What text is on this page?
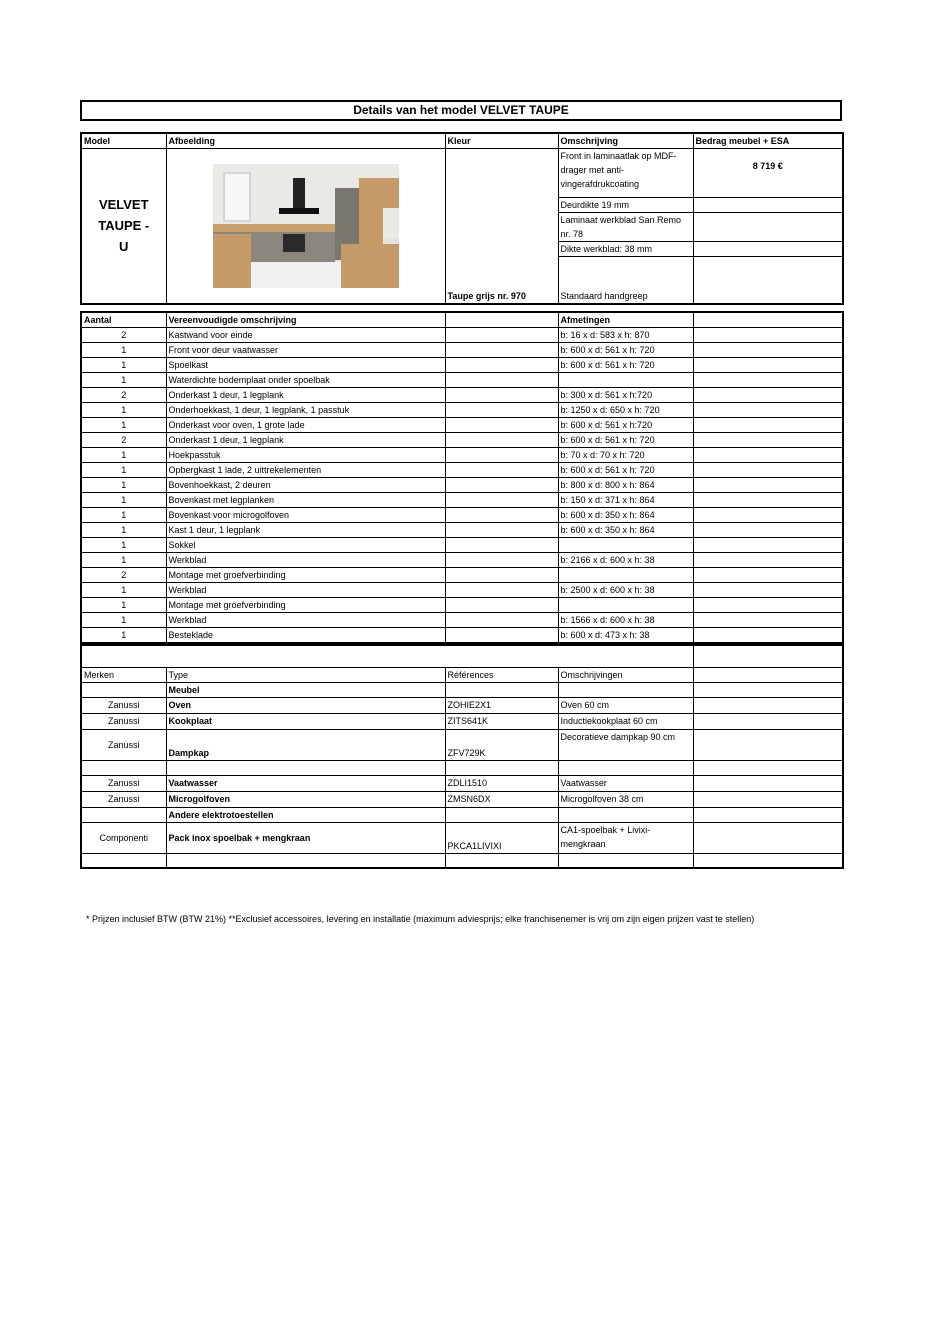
Details van het model VELVET TAUPE
Model	Afbeelding	Kleur	Omschrijving	Bedrag meubel + ESA

VELVET TAUPE - U		Taupe grijs nr. 970	Front in laminaatlak op MDF-drager met anti-vingerafdrukcoating	8 719 €
			Deurdikte 19 mm	
			Laminaat werkblad San Remo nr. 78	
			Dikte werkblad: 38 mm	
			Standaard handgreep	
Aantal	Vereenvoudigde omschrijving		Afmetingen	
2	Kastwand voor einde		b: 16 x d: 583 x h: 870	
1	Front voor deur vaatwasser		b: 600 x d: 561 x h: 720	
1	Spoelkast		b: 600 x d: 561 x h: 720	
1	Waterdichte bodemplaat onder spoelbak			
2	Onderkast 1 deur, 1 legplank		b: 300 x d: 561 x h:720	
1	Onderhoekkast, 1 deur, 1 legplank, 1 passtuk		b: 1250 x d: 650 x h: 720	
1	Onderkast voor oven, 1 grote lade		b: 600 x d: 561 x h:720	
2	Onderkast 1 deur, 1 legplank		b: 600 x d: 561 x h: 720	
1	Hoekpasstuk		b: 70 x d: 70 x h: 720	
1	Opbergkast 1 lade, 2 uittrekelementen		b: 600 x d: 561 x h: 720	
1	Bovenhoekkast, 2 deuren		b: 800 x d: 800 x h: 864	
1	Bovenkast met legplanken		b: 150 x d: 371 x h: 864	
1	Bovenkast voor microgolfoven		b: 600 x d: 350 x h: 864	
1	Kast 1 deur, 1 legplank		b: 600 x d: 350 x h: 864	
1	Sokkel			
1	Werkblad		b: 2166 x d: 600 x h: 38	
2	Montage met groefverbinding			
1	Werkblad		b: 2500 x d: 600 x h: 38	
1	Montage met groefverbinding			
1	Werkblad		b: 1566 x d: 600 x h: 38	
1	Besteklade		b: 600 x d: 473 x h: 38	

Merken	Type	Références	Omschrijvingen	
	Meubel			
Zanussi	Oven	ZOHIE2X1	Oven 60 cm	
Zanussi	Kookplaat	ZITS641K	Inductiekookplaat 60 cm	
Zanussi	Dampkap	ZFV729K	Decoratieve dampkap 90 cm	

Zanussi	Vaatwasser	ZDLI1510	Vaatwasser	
Zanussi	Microgolfoven	ZMSN6DX	Microgolfoven 38 cm	
	Andere elektrotoestellen			
Componenti	Pack inox spoelbak + mengkraan	PKCA1LIVIXI	CA1-spoelbak + Livixi-mengkraan	

* Prijzen inclusief BTW (BTW 21%) **Exclusief accessoires, levering en installatie (maximum adviesprijs; elke franchisenemer is vrij om zijn eigen prijzen vast te stellen)
